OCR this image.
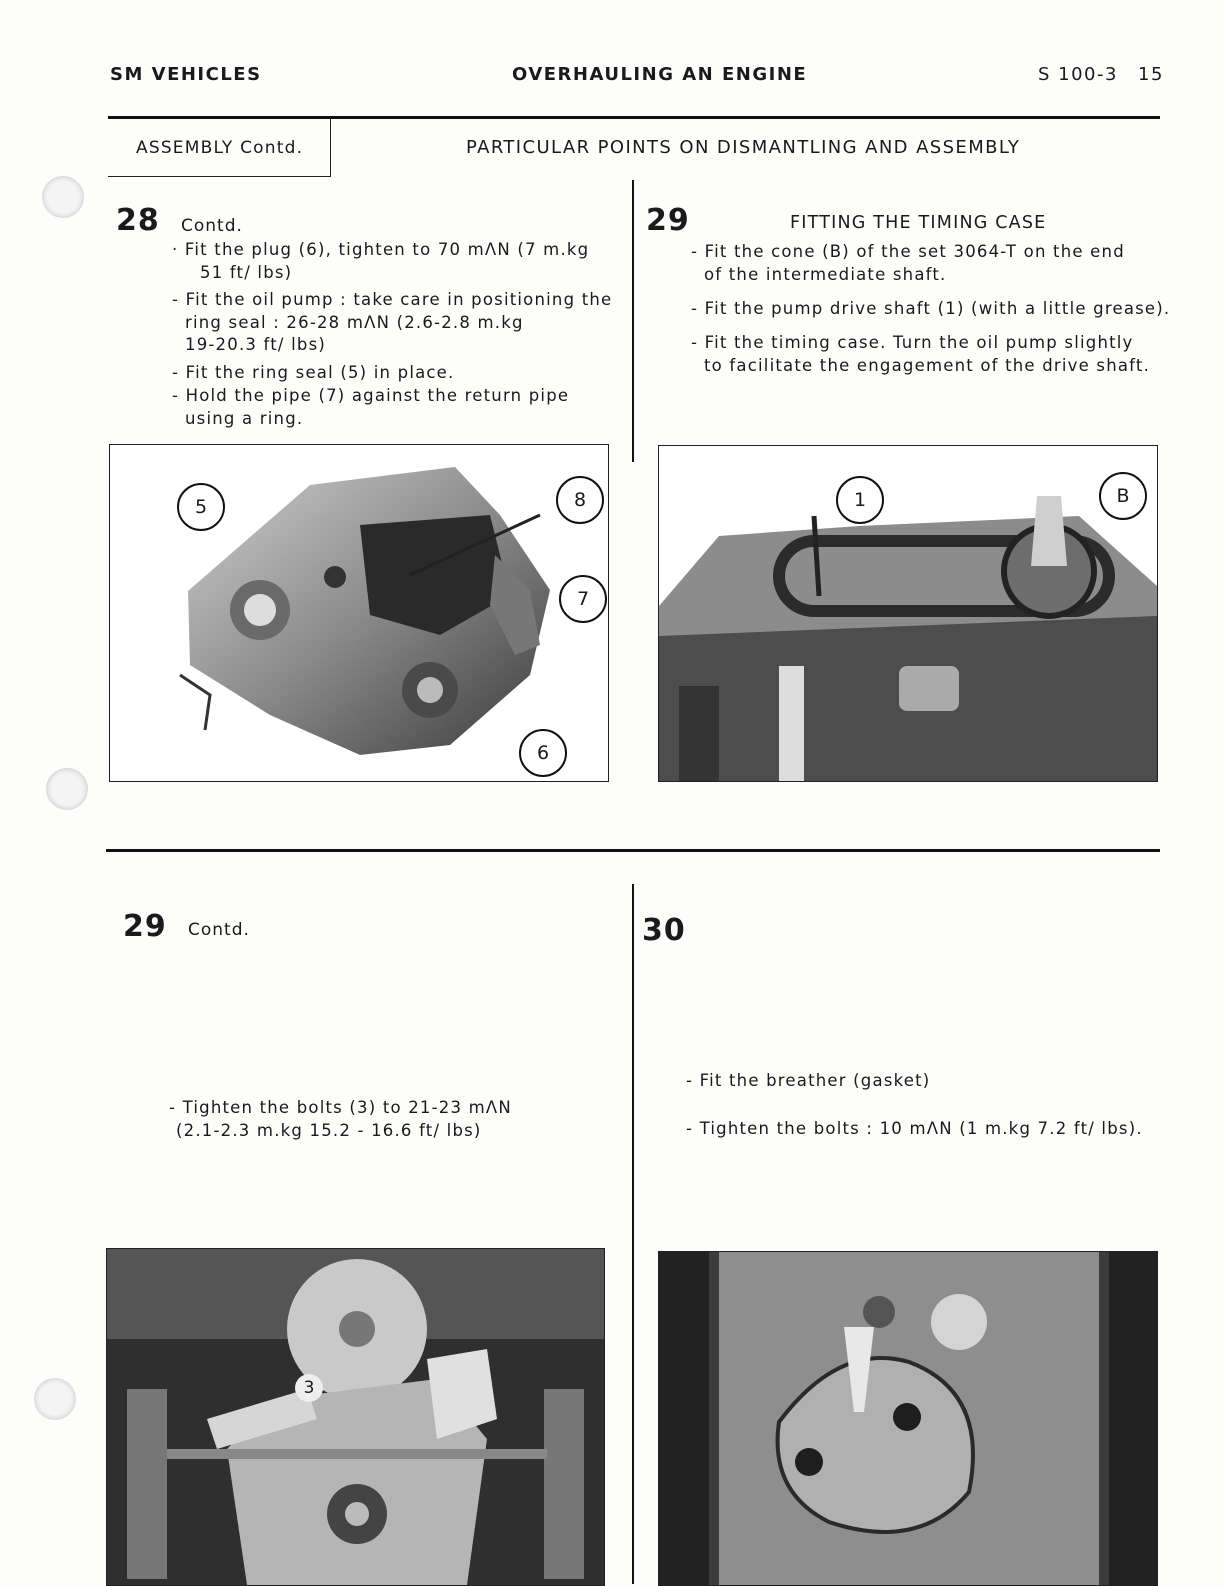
SM VEHICLES	OVERHAULING AN ENGINE	S 100-3 15
ASSEMBLY Contd.	PARTICULAR POINTS ON DISMANTLING AND ASSEMBLY
28 Contd.
· Fit the plug (6), tighten to 70 mΛN (7 m.kg
51 ft/ lbs)
- Fit the oil pump : take care in positioning the
ring seal : 26-28 mΛN (2.6-2.8 m.kg
19-20.3 ft/ lbs)
- Fit the ring seal (5) in place.
- Hold the pipe (7) against the return pipe
using a ring.
5	8
7
6
29	FITTING THE TIMING CASE
- Fit the cone (B) of the set 3064-T on the end
of the intermediate shaft.
- Fit the pump drive shaft (1) (with a little grease).
- Fit the timing case. Turn the oil pump slightly
to facilitate the engagement of the drive shaft.
1	B
29 Contd.
- Tighten the bolts (3) to 21-23 mΛN
(2.1-2.3 m.kg 15.2 - 16.6 ft/ lbs)
3
30
- Fit the breather (gasket)
- Tighten the bolts : 10 mΛN (1 m.kg 7.2 ft/ lbs).
